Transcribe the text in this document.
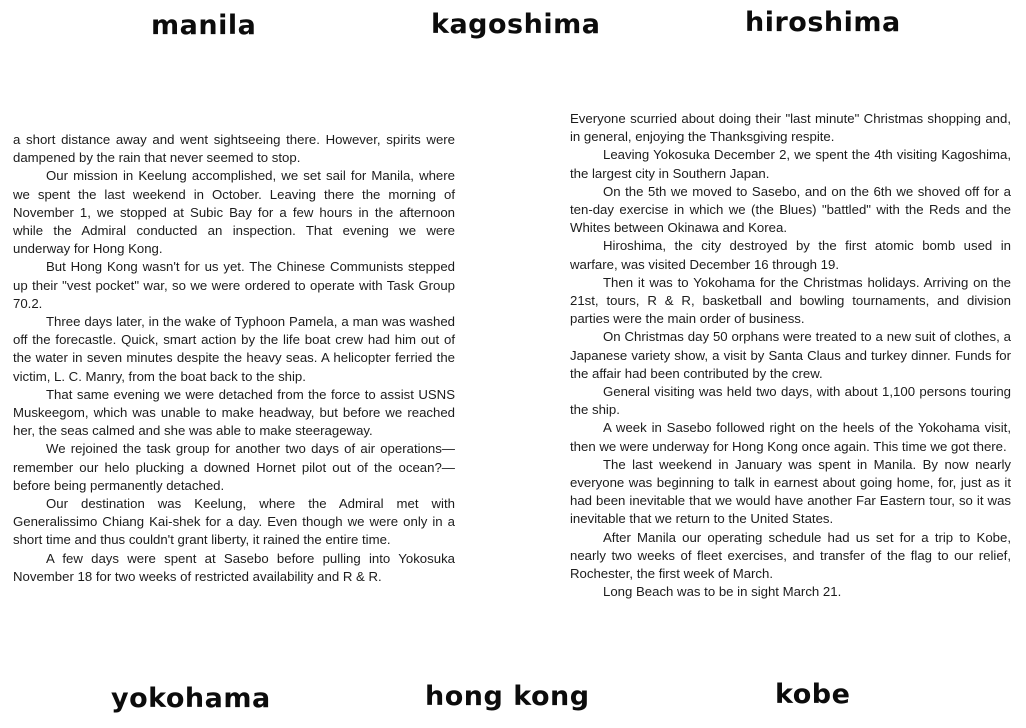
manila	kagoshima	hiroshima

a short distance away and went sightseeing there. However, spirits were dampened by the rain that never seemed to stop.

Our mission in Keelung accomplished, we set sail for Manila, where we spent the last weekend in October. Leaving there the morning of November 1, we stopped at Subic Bay for a few hours in the afternoon while the Admiral conducted an inspection. That evening we were underway for Hong Kong.

But Hong Kong wasn't for us yet. The Chinese Communists stepped up their "vest pocket" war, so we were ordered to operate with Task Group 70.2.

Three days later, in the wake of Typhoon Pamela, a man was washed off the forecastle. Quick, smart action by the life boat crew had him out of the water in seven minutes despite the heavy seas. A helicopter ferried the victim, L. C. Manry, from the boat back to the ship.

That same evening we were detached from the force to assist USNS Muskeegom, which was unable to make headway, but before we reached her, the seas calmed and she was able to make steerageway.

We rejoined the task group for another two days of air operations—remember our helo plucking a downed Hornet pilot out of the ocean?—before being permanently detached.

Our destination was Keelung, where the Admiral met with Generalissimo Chiang Kai-shek for a day. Even though we were only in a short time and thus couldn't grant liberty, it rained the entire time.

A few days were spent at Sasebo before pulling into Yokosuka November 18 for two weeks of restricted availability and R & R.

Everyone scurried about doing their "last minute" Christmas shopping and, in general, enjoying the Thanksgiving respite.

Leaving Yokosuka December 2, we spent the 4th visiting Kagoshima, the largest city in Southern Japan.

On the 5th we moved to Sasebo, and on the 6th we shoved off for a ten-day exercise in which we (the Blues) "battled" with the Reds and the Whites between Okinawa and Korea.

Hiroshima, the city destroyed by the first atomic bomb used in warfare, was visited December 16 through 19.

Then it was to Yokohama for the Christmas holidays. Arriving on the 21st, tours, R & R, basketball and bowling tournaments, and division parties were the main order of business.

On Christmas day 50 orphans were treated to a new suit of clothes, a Japanese variety show, a visit by Santa Claus and turkey dinner. Funds for the affair had been contributed by the crew.

General visiting was held two days, with about 1,100 persons touring the ship.

A week in Sasebo followed right on the heels of the Yokohama visit, then we were underway for Hong Kong once again. This time we got there.

The last weekend in January was spent in Manila. By now nearly everyone was beginning to talk in earnest about going home, for, just as it had been inevitable that we would have another Far Eastern tour, so it was inevitable that we return to the United States.

After Manila our operating schedule had us set for a trip to Kobe, nearly two weeks of fleet exercises, and transfer of the flag to our relief, Rochester, the first week of March.

Long Beach was to be in sight March 21.

yokohama	hong kong	kobe
